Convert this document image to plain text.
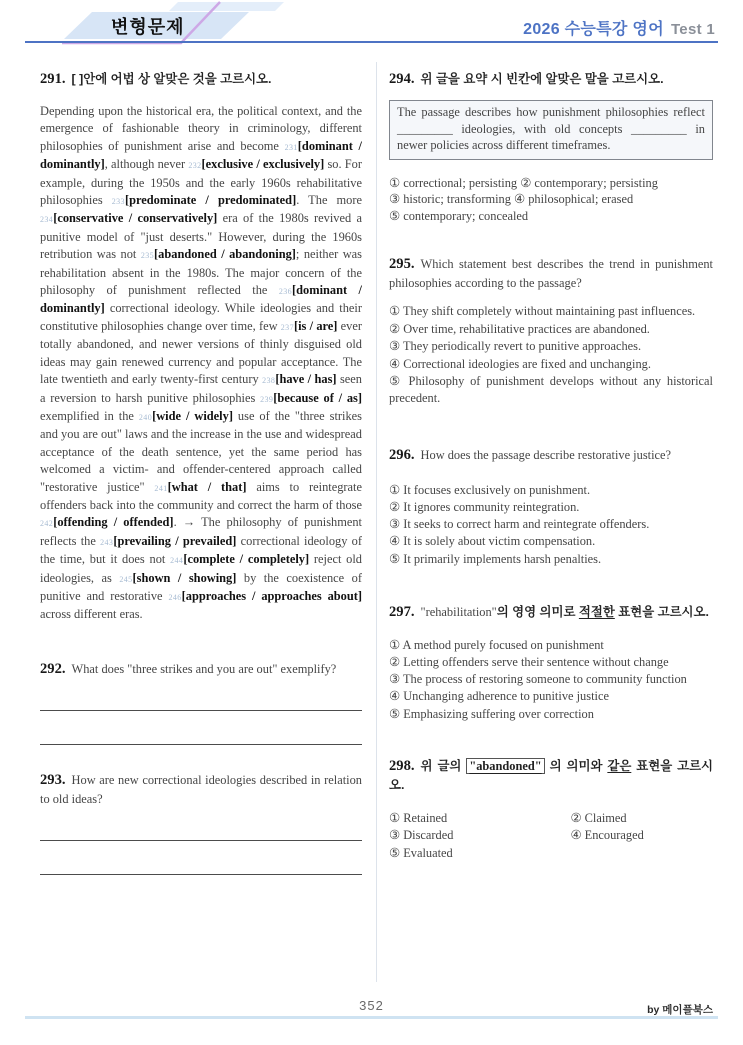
변형문제	2026 수능특강 영어 Test 1
291. [ ]안에 어법 상 알맞은 것을 고르시오.

Depending upon the historical era, the political context, and the emergence of fashionable theory in criminology, different philosophies of punishment arise and become 231[dominant / dominantly], although never 232[exclusive / exclusively] so. For example, during the 1950s and the early 1960s rehabilitative philosophies 233[predominate / predominated]. The more 234[conservative / conservatively] era of the 1980s revived a punitive model of "just deserts." However, during the 1960s retribution was not 235[abandoned / abandoning]; neither was rehabilitation absent in the 1980s. The major concern of the philosophy of punishment reflected the 236[dominant / dominantly] correctional ideology. While ideologies and their constitutive philosophies change over time, few 237[is / are] ever totally abandoned, and newer versions of thinly disguised old ideas may gain renewed currency and popular acceptance. The late twentieth and early twenty-first century 238[have / has] seen a reversion to harsh punitive philosophies 239[because of / as] exemplified in the 240[wide / widely] use of the "three strikes and you are out" laws and the increase in the use and widespread acceptance of the death sentence, yet the same period has welcomed a victim- and offender-centered approach called "restorative justice" 241[what / that] aims to reintegrate offenders back into the community and correct the harm of those 242[offending / offended]. → The philosophy of punishment reflects the 243[prevailing / prevailed] correctional ideology of the time, but it does not 244[complete / completely] reject old ideologies, as 245[shown / showing] by the coexistence of punitive and restorative 246[approaches / approaches about] across different eras.

292. What does "three strikes and you are out" exemplify?
293. How are new correctional ideologies described in relation to old ideas?
294. 위 글을 요약 시 빈칸에 알맞은 말을 고르시오.
The passage describes how punishment philosophies reflect _________ ideologies, with old concepts _________ in newer policies across different timeframes.
① correctional; persisting ② contemporary; persisting
③ historic; transforming ④ philosophical; erased
⑤ contemporary; concealed
295. Which statement best describes the trend in punishment philosophies according to the passage?
① They shift completely without maintaining past influences.
② Over time, rehabilitative practices are abandoned.
③ They periodically revert to punitive approaches.
④ Correctional ideologies are fixed and unchanging.
⑤ Philosophy of punishment develops without any historical precedent.
296. How does the passage describe restorative justice?
① It focuses exclusively on punishment.
② It ignores community reintegration.
③ It seeks to correct harm and reintegrate offenders.
④ It is solely about victim compensation.
⑤ It primarily implements harsh penalties.
297. "rehabilitation"의 영영 의미로 적절한 표현을 고르시오.
① A method purely focused on punishment
② Letting offenders serve their sentence without change
③ The process of restoring someone to community function
④ Unchanging adherence to punitive justice
⑤ Emphasizing suffering over correction
298. 위 글의 "abandoned" 의 의미와 같은 표현을 고르시오.
① Retained	② Claimed
③ Discarded	④ Encouraged
⑤ Evaluated
352	by 메이플북스
